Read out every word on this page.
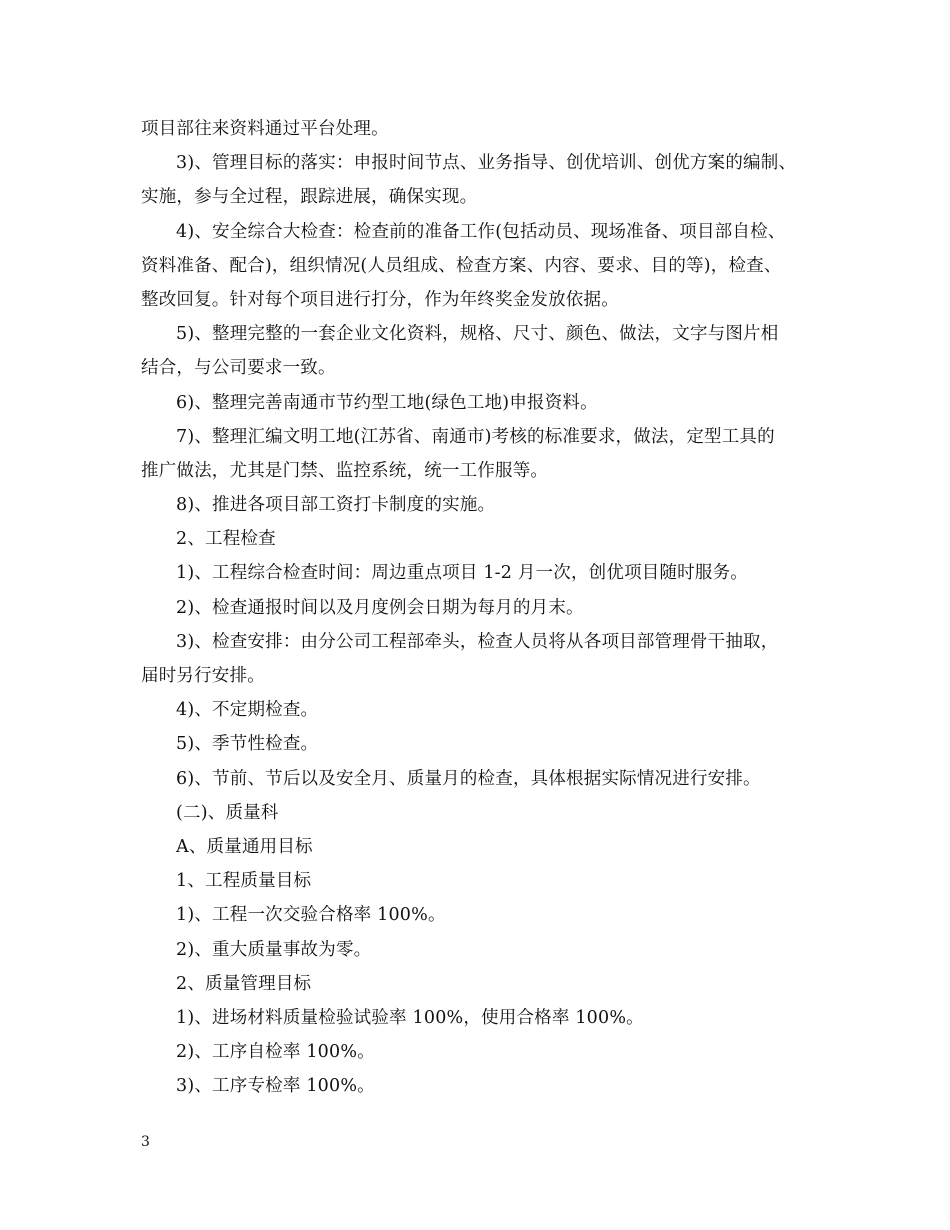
项目部往来资料通过平台处理。
3)、管理目标的落实：申报时间节点、业务指导、创优培训、创优方案的编制、
实施，参与全过程，跟踪进展，确保实现。
4)、安全综合大检查：检查前的准备工作(包括动员、现场准备、项目部自检、
资料准备、配合)，组织情况(人员组成、检查方案、内容、要求、目的等)，检查、
整改回复。针对每个项目进行打分，作为年终奖金发放依据。
5)、整理完整的一套企业文化资料，规格、尺寸、颜色、做法，文字与图片相
结合，与公司要求一致。
6)、整理完善南通市节约型工地(绿色工地)申报资料。
7)、整理汇编文明工地(江苏省、南通市)考核的标准要求，做法，定型工具的
推广做法，尤其是门禁、监控系统，统一工作服等。
8)、推进各项目部工资打卡制度的实施。
2、工程检查
1)、工程综合检查时间：周边重点项目 1-2 月一次，创优项目随时服务。
2)、检查通报时间以及月度例会日期为每月的月末。
3)、检查安排：由分公司工程部牵头，检查人员将从各项目部管理骨干抽取，
届时另行安排。
4)、不定期检查。
5)、季节性检查。
6)、节前、节后以及安全月、质量月的检查，具体根据实际情况进行安排。
(二)、质量科
A、质量通用目标
1、工程质量目标
1)、工程一次交验合格率 100%。
2)、重大质量事故为零。
2、质量管理目标
1)、进场材料质量检验试验率 100%，使用合格率 100%。
2)、工序自检率 100%。
3)、工序专检率 100%。
3
